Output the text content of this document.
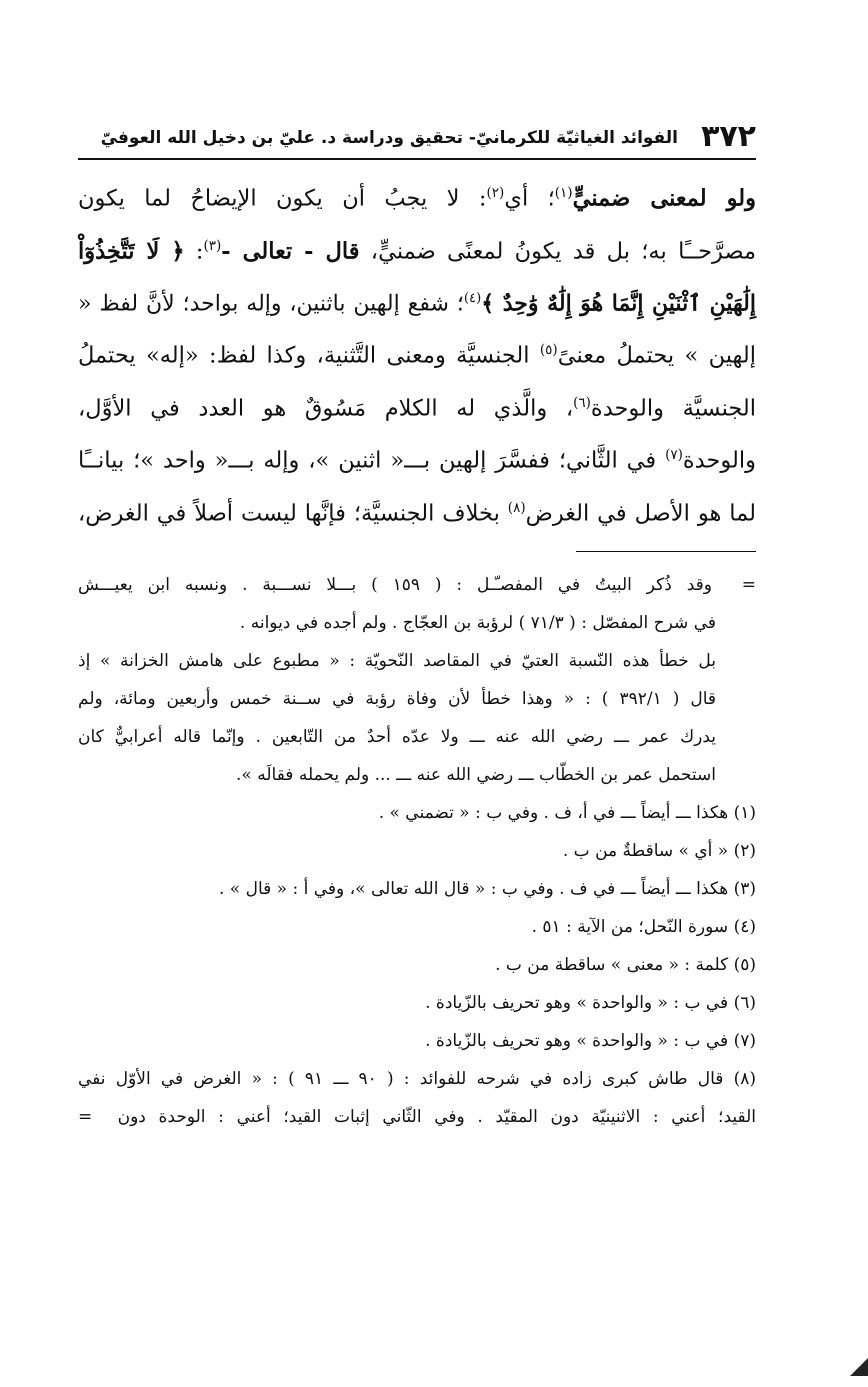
٣٧٢
الفوائد الغياثيّة للكرمانيّ- تحقيق ودراسة د. عليّ بن دخيل الله العوفيّ

ولو لمعنى ضمنيٍّ$^{(١)}$؛ أي$^{(٢)}$: لا يجبُ أن يكون الإيضاحُ لما يكون

مصرَّحــًا به؛ بل قد يكونُ لمعنًى ضمنيٍّ، قال - تعالى -$^{(٣)}$: ﴿ لَا تَتَّخِذُوٓاْ

إِلَٰهَيْنِ ٱثْنَيْنِ إِنَّمَا هُوَ إِلَٰهٌ وَٰحِدٌ ﴾$^{(٤)}$؛ شفع إلهين باثنين، وإله بواحد؛ لأنَّ لفظ «

إلهين » يحتملُ معنىً$^{(٥)}$ الجنسيَّة ومعنى التَّثنية، وكذا لفظ: «إله» يحتملُ

الجنسيَّة والوحدة$^{(٦)}$، والَّذي له الكلام مَسُوقٌ هو العدد في الأوَّل،

والوحدة$^{(٧)}$ في الثَّاني؛ ففسَّرَ إلهين بـــ« اثنين »، وإله بـــ« واحد »؛ بيانــًا

لما هو الأصل في الغرض$^{(٨)}$ بخلاف الجنسيَّة؛ فإنَّها ليست أصلاً في الغرض،

=  وقد ذُكر البيتُ في المفصـّـل : ( ١٥٩ ) بـــلا نســـبة . ونسبه ابن يعيـــش

في شرح المفصّل : ( ٧١/٣ ) لرؤبة بن العجّاج . ولم أجده في ديوانه .

بل خطأ هذه النّسبة العتيّ في المقاصد النّحويّة : « مطبوع على هامش الخزانة » إذ

قال ( ٣٩٢/١ ) : « وهذا خطأ لأن وفاة رؤبة في ســنة خمس وأربعين ومائة، ولم

يدرك عمر ـــ رضي الله عنه ـــ ولا عدّه أحدٌ من التّابعين . وإنّما قاله أعرابيٌّ كان

استحمل عمر بن الخطّاب ـــ رضي الله عنه ـــ ... ولم يحمله فقالَه ».

(١) هكذا ـــ أيضاً ـــ في أ، ف . وفي ب : « تضمني » .

(٢) « أي » ساقطةٌ من ب .

(٣) هكذا ـــ أيضاً ـــ في ف . وفي ب : « قال الله تعالى »، وفي أ : « قال » .

(٤) سورة النّحل؛ من الآية : ٥١ .

(٥) كلمة : « معنى » ساقطة من ب .

(٦) في ب : « والواحدة » وهو تحريف بالزّيادة .

(٧) في ب : « والواحدة » وهو تحريف بالزّيادة .

(٨) قال طاش كبرى زاده في شرحه للفوائد : ( ٩٠ ـــ ٩١ ) : « الغرض في الأوّل نفي

القيد؛ أعني : الاثنينيّة دون المقيّد . وفي الثّاني إثبات القيد؛ أعني : الوحدة دون  =
